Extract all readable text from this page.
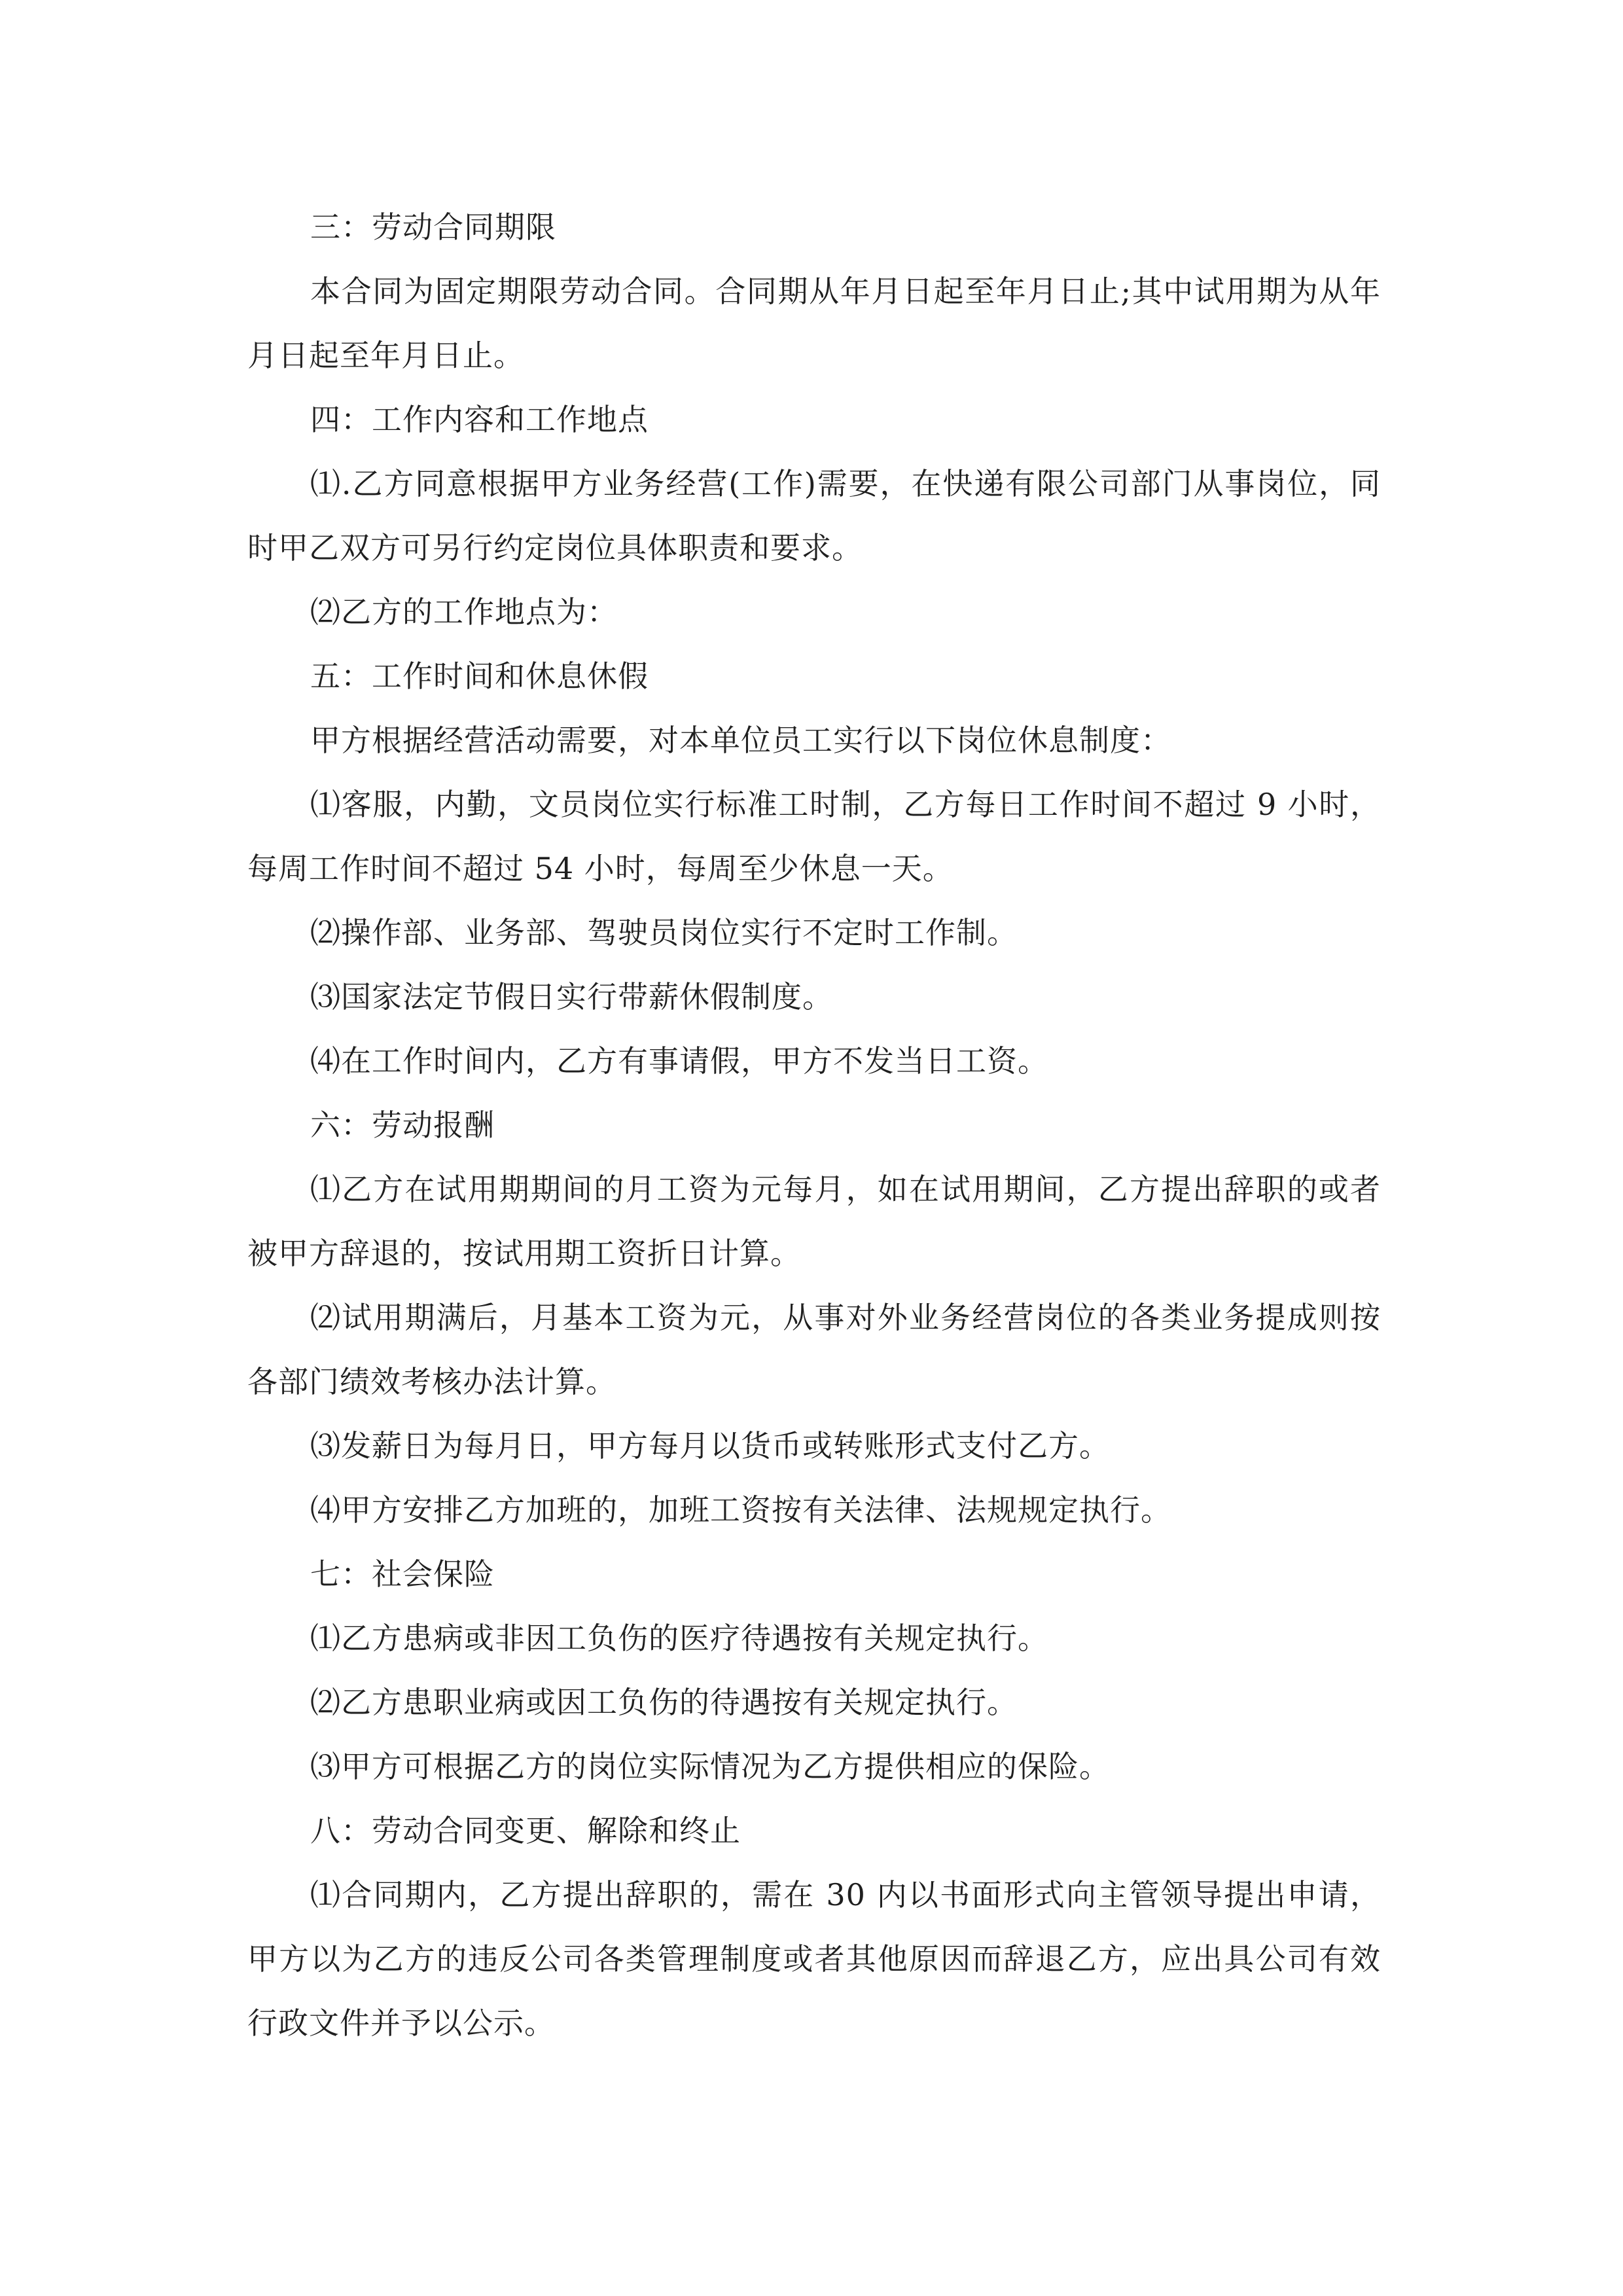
三：劳动合同期限

本合同为固定期限劳动合同。合同期从年月日起至年月日止;其中试用期为从年月日起至年月日止。

四：工作内容和工作地点

⑴.乙方同意根据甲方业务经营(工作)需要，在快递有限公司部门从事岗位，同时甲乙双方可另行约定岗位具体职责和要求。

⑵乙方的工作地点为：

五：工作时间和休息休假

甲方根据经营活动需要，对本单位员工实行以下岗位休息制度：

⑴客服，内勤，文员岗位实行标准工时制，乙方每日工作时间不超过 9 小时，每周工作时间不超过 54 小时，每周至少休息一天。

⑵操作部、业务部、驾驶员岗位实行不定时工作制。

⑶国家法定节假日实行带薪休假制度。

⑷在工作时间内，乙方有事请假，甲方不发当日工资。

六：劳动报酬

⑴乙方在试用期期间的月工资为元每月，如在试用期间，乙方提出辞职的或者被甲方辞退的，按试用期工资折日计算。

⑵试用期满后，月基本工资为元，从事对外业务经营岗位的各类业务提成则按各部门绩效考核办法计算。

⑶发薪日为每月日，甲方每月以货币或转账形式支付乙方。

⑷甲方安排乙方加班的，加班工资按有关法律、法规规定执行。

七：社会保险

⑴乙方患病或非因工负伤的医疗待遇按有关规定执行。

⑵乙方患职业病或因工负伤的待遇按有关规定执行。

⑶甲方可根据乙方的岗位实际情况为乙方提供相应的保险。

八：劳动合同变更、解除和终止

⑴合同期内，乙方提出辞职的，需在 30 内以书面形式向主管领导提出申请，甲方以为乙方的违反公司各类管理制度或者其他原因而辞退乙方，应出具公司有效行政文件并予以公示。
